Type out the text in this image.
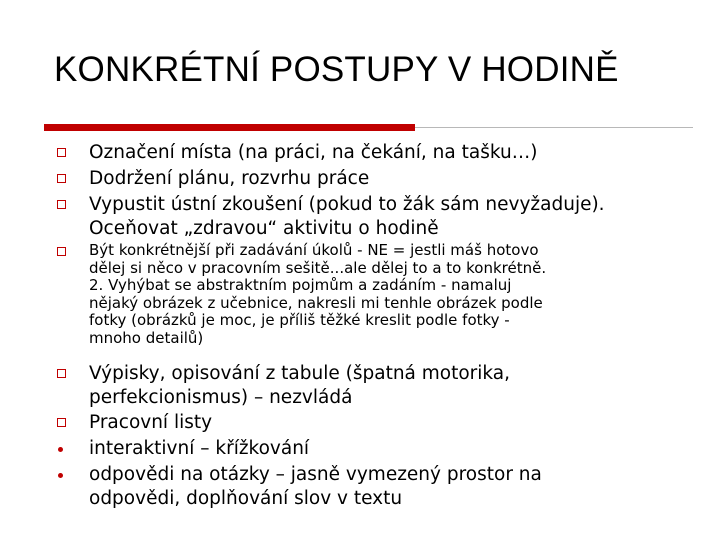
KONKRÉTNÍ POSTUPY V HODINĚ
Označení místa (na práci, na čekání, na tašku…)
Dodržení plánu, rozvrhu práce
Vypustit ústní zkoušení (pokud to žák sám nevyžaduje).
Oceňovat „zdravou“ aktivitu o hodině
Být konkrétnější při zadávání úkolů - NE = jestli máš hotovo
dělej si něco v pracovním sešitě...ale dělej to a to konkrétně.
2. Vyhýbat se abstraktním pojmům a zadáním - namaluj
nějaký obrázek z učebnice, nakresli mi tenhle obrázek podle
fotky (obrázků je moc, je příliš těžké kreslit podle fotky -
mnoho detailů)
Výpisky, opisování z tabule (špatná motorika,
perfekcionismus) – nezvládá
Pracovní listy
interaktivní – křížkování
odpovědi na otázky – jasně vymezený prostor na
odpovědi, doplňování slov v textu
